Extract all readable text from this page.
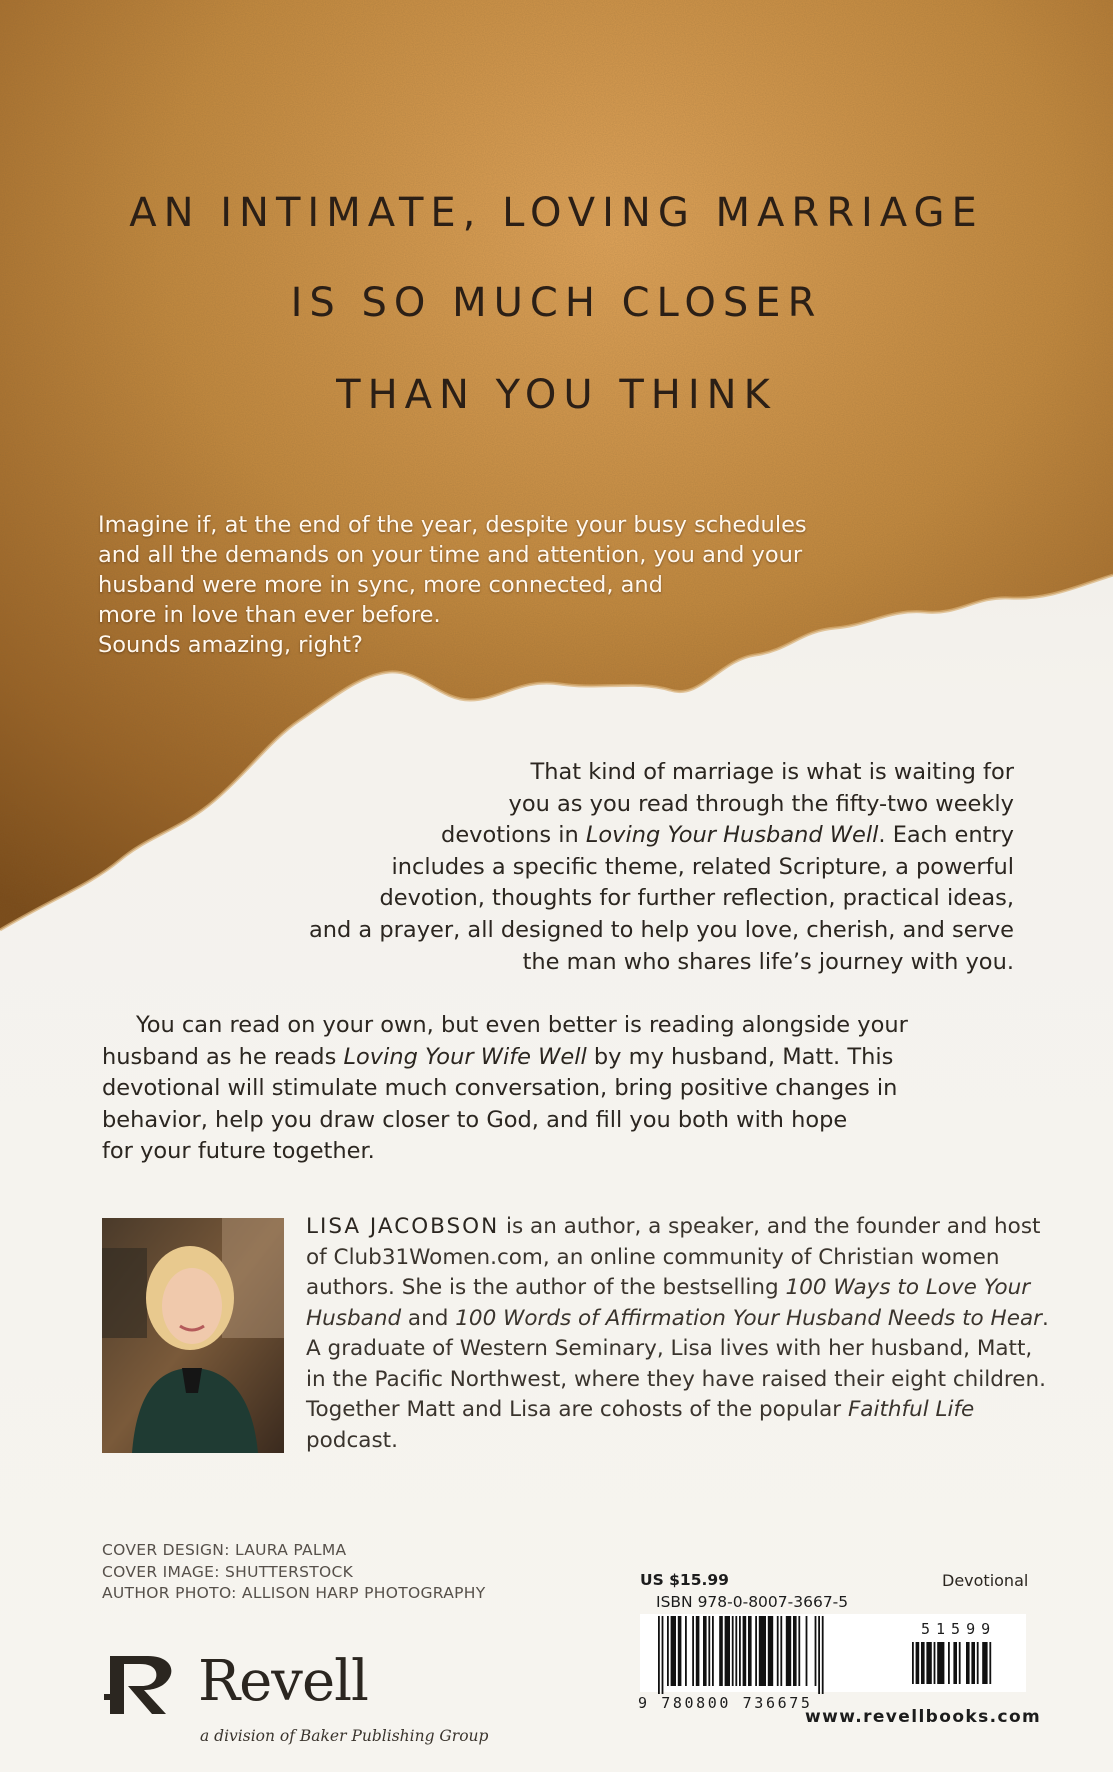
AN INTIMATE, LOVING MARRIAGE
IS SO MUCH CLOSER
THAN YOU THINK

Imagine if, at the end of the year, despite your busy schedules

and all the demands on your time and attention, you and your

husband were more in sync, more connected, and

more in love than ever before.

Sounds amazing, right?

That kind of marriage is what is waiting for
you as you read through the fifty-two weekly
devotions in Loving Your Husband Well. Each entry
includes a specific theme, related Scripture, a powerful
devotion, thoughts for further reflection, practical ideas,
and a prayer, all designed to help you love, cherish, and serve
the man who shares life’s journey with you.
You can read on your own, but even better is reading alongside your
husband as he reads Loving Your Wife Well by my husband, Matt. This
devotional will stimulate much conversation, bring positive changes in
behavior, help you draw closer to God, and fill you both with hope
for your future together.
LISA JACOBSON is an author, a speaker, and the founder and host of Club31Women.com, an online community of Christian women authors. She is the author of the bestselling 100 Ways to Love Your Husband and 100 Words of Affirmation Your Husband Needs to Hear. A graduate of Western Seminary, Lisa lives with her husband, Matt, in the Pacific Northwest, where they have raised their eight children. Together Matt and Lisa are cohosts of the popular Faithful Life podcast.
COVER DESIGN: LAURA PALMA
COVER IMAGE: SHUTTERSTOCK
AUTHOR PHOTO: ALLISON HARP PHOTOGRAPHY
Revell
a division of Baker Publishing Group
US $15.99	Devotional
ISBN 978-0-8007-3667-5
9 780800 736675
51599
www.revellbooks.com
